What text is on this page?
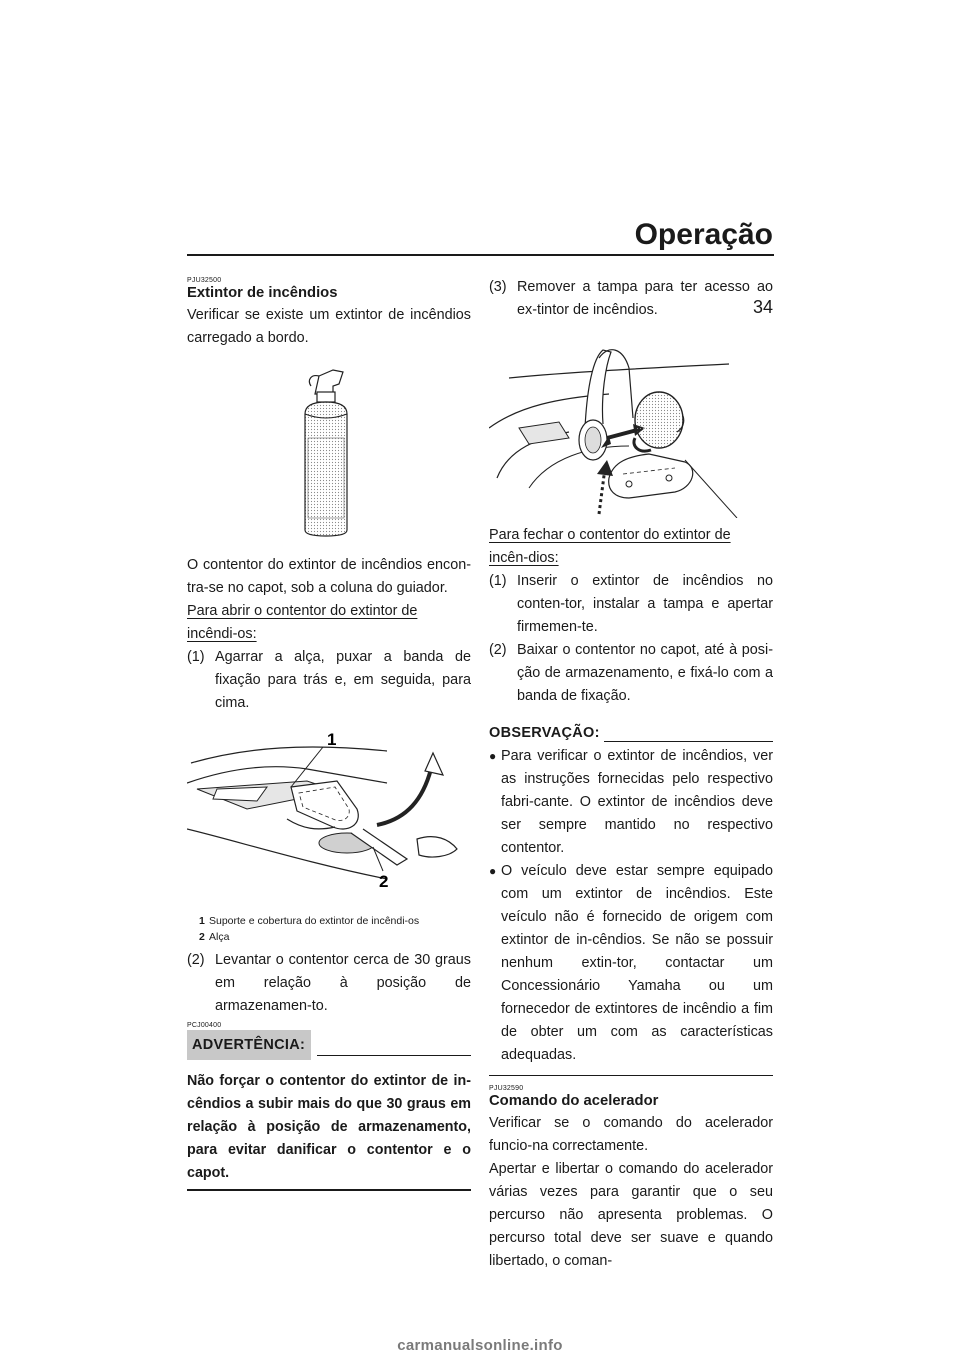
Operação
34
PJU32500
Extintor de incêndios

Verificar se existe um extintor de incêndios carregado a bordo.

O contentor do extintor de incêndios encon-tra-se no capot, sob a coluna do guiador.

Para abrir o contentor do extintor de incêndi-os:
(1) Agarrar a alça, puxar a banda de fixação para trás e, em seguida, para cima.
1
2
1 Suporte e cobertura do extintor de incêndi-os
2 Alça
(2) Levantar o contentor cerca de 30 graus em relação à posição de armazenamen-to.
PCJ00400
ADVERTÊNCIA:
Não forçar o contentor do extintor de in-cêndios a subir mais do que 30 graus em relação à posição de armazenamento, para evitar danificar o contentor e o capot.
(3) Remover a tampa para ter acesso ao ex-tintor de incêndios.
Para fechar o contentor do extintor de incên-dios:
(1) Inserir o extintor de incêndios no conten-tor, instalar a tampa e apertar firmemen-te.
(2) Baixar o contentor no capot, até à posi-ção de armazenamento, e fixá-lo com a banda de fixação.
OBSERVAÇÃO:
● Para verificar o extintor de incêndios, ver as instruções fornecidas pelo respectivo fabri-cante. O extintor de incêndios deve ser sempre mantido no respectivo contentor.
● O veículo deve estar sempre equipado com um extintor de incêndios. Este veículo não é fornecido de origem com extintor de in-cêndios. Se não se possuir nenhum extin-tor, contactar um Concessionário Yamaha ou um fornecedor de extintores de incêndio a fim de obter um com as características adequadas.
PJU32590
Comando do acelerador

Verificar se o comando do acelerador funcio-na correctamente.

Apertar e libertar o comando do acelerador várias vezes para garantir que o seu percurso não apresenta problemas. O percurso total deve ser suave e quando libertado, o coman-

carmanualsonline.info
